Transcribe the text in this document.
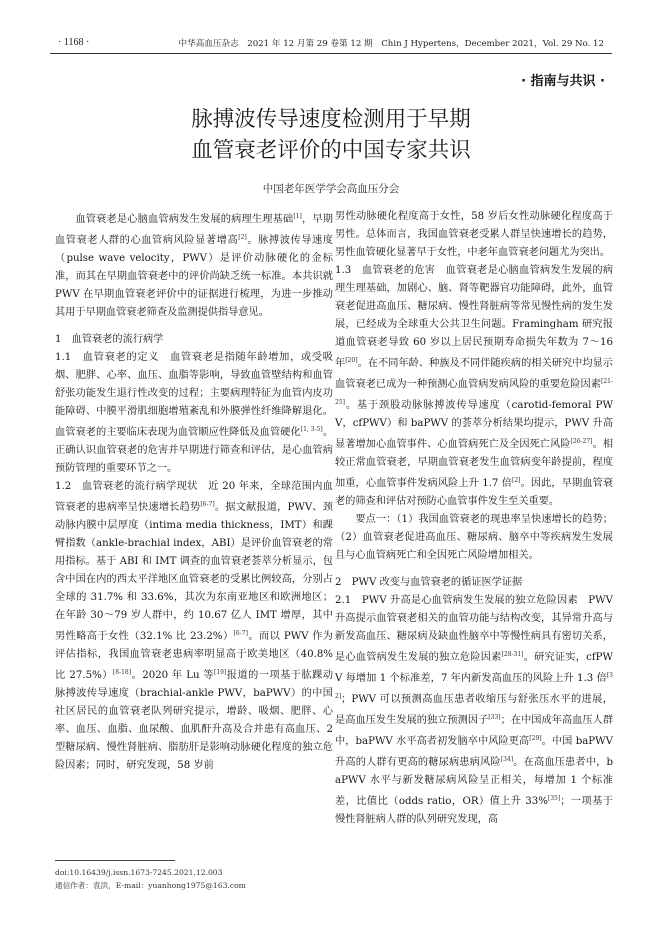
· 1168 ·	中华高血压杂志　2021 年 12 月第 29 卷第 12 期　Chin J Hypertens，December 2021，Vol. 29 No. 12
· 指南与共识 ·
脉搏波传导速度检测用于早期
血管衰老评价的中国专家共识
中国老年医学学会高血压分会

血管衰老是心脑血管病发生发展的病理生理基础[1]，早期血管衰老人群的心血管病风险显著增高[2]。脉搏波传导速度（pulse wave velocity，PWV）是评价动脉硬化的金标准，而其在早期血管衰老中的评价尚缺乏统一标准。本共识就 PWV 在早期血管衰老评价中的证据进行梳理，为进一步推动其用于早期血管衰老筛查及监测提供指导意见。

1　血管衰老的流行病学

1.1　血管衰老的定义　血管衰老是指随年龄增加，或受吸烟、肥胖、心率、血压、血脂等影响，导致血管壁结构和血管舒张功能发生退行性改变的过程；主要病理特征为血管内皮功能障碍、中膜平滑肌细胞增殖紊乱和外膜弹性纤维降解退化。血管衰老的主要临床表现为血管顺应性降低及血管硬化[1, 3-5]。正确认识血管衰老的危害并早期进行筛查和评估，是心血管病预防管理的重要环节之一。

1.2　血管衰老的流行病学现状　近 20 年来，全球范围内血管衰老的患病率呈快速增长趋势[6-7]。据文献报道，PWV、颈动脉内膜中层厚度（intima media thickness，IMT）和踝臂指数（ankle-brachial index，ABI）是评价血管衰老的常用指标。基于 ABI 和 IMT 调查的血管衰老荟萃分析显示，包含中国在内的西太平洋地区血管衰老的受累比例较高，分别占全球的 31.7% 和 33.6%，其次为东南亚地区和欧洲地区；在年龄 30～79 岁人群中，约 10.67 亿人 IMT 增厚，其中男性略高于女性（32.1% 比 23.2%）[6-7]。而以 PWV 作为评估指标，我国血管衰老患病率明显高于欧美地区（40.8% 比 27.5%）[8-18]。2020 年 Lu 等[19]报道的一项基于肱踝动脉搏波传导速度（brachial-ankle PWV，baPWV）的中国社区居民的血管衰老队列研究提示，增龄、吸烟、肥胖、心率、血压、血脂、血尿酸、血肌酐升高及合并患有高血压、2 型糖尿病、慢性肾脏病、脂肪肝是影响动脉硬化程度的独立危险因素；同时，研究发现，58 岁前

男性动脉硬化程度高于女性，58 岁后女性动脉硬化程度高于男性。总体而言，我国血管衰老受累人群呈快速增长的趋势，男性血管硬化显著早于女性，中老年血管衰老问题尤为突出。

1.3　血管衰老的危害　血管衰老是心脑血管病发生发展的病理生理基础，加剧心、脑、肾等靶器官功能障碍，此外，血管衰老促进高血压、糖尿病、慢性肾脏病等常见慢性病的发生发展，已经成为全球重大公共卫生问题。Framingham 研究报道血管衰老导致 60 岁以上居民预期寿命损失年数为 7～16 年[20]。在不同年龄、种族及不同伴随疾病的相关研究中均显示血管衰老已成为一种预测心血管病发病风险的重要危险因素[21-25]。基于颈股动脉脉搏波传导速度（carotid-femoral PWV，cfPWV）和 baPWV 的荟萃分析结果均提示，PWV 升高显著增加心血管事件、心血管病死亡及全因死亡风险[26-27]。相较正常血管衰老，早期血管衰老发生血管病变年龄提前，程度加重，心血管事件发病风险上升 1.7 倍[2]。因此，早期血管衰老的筛查和评估对预防心血管事件发生至关重要。

要点一：（1）我国血管衰老的现患率呈快速增长的趋势；（2）血管衰老促进高血压、糖尿病、脑卒中等疾病发生发展且与心血管病死亡和全因死亡风险增加相关。

2　PWV 改变与血管衰老的循证医学证据

2.1　PWV 升高是心血管病发生发展的独立危险因素　PWV 升高提示血管衰老相关的血管功能与结构改变，其异常升高与新发高血压、糖尿病及缺血性脑卒中等慢性病具有密切关系，是心血管病发生发展的独立危险因素[28-31]。研究证实，cfPWV 每增加 1 个标准差，7 年内新发高血压的风险上升 1.3 倍[32]；PWV 可以预测高血压患者收缩压与舒张压水平的进展，是高血压发生发展的独立预测因子[33]；在中国成年高血压人群中，baPWV 水平高者初发脑卒中风险更高[29]。中国 baPWV 升高的人群有更高的糖尿病患病风险[34]。在高血压患者中，baPWV 水平与新发糖尿病风险呈正相关，每增加 1 个标准差，比值比（odds ratio，OR）值上升 33%[35]；一项基于慢性肾脏病人群的队列研究发现，高

doi:10.16439/j.issn.1673-7245.2021.12.003
通信作者：袁洪，E-mail：yuanhong1975@163.com
